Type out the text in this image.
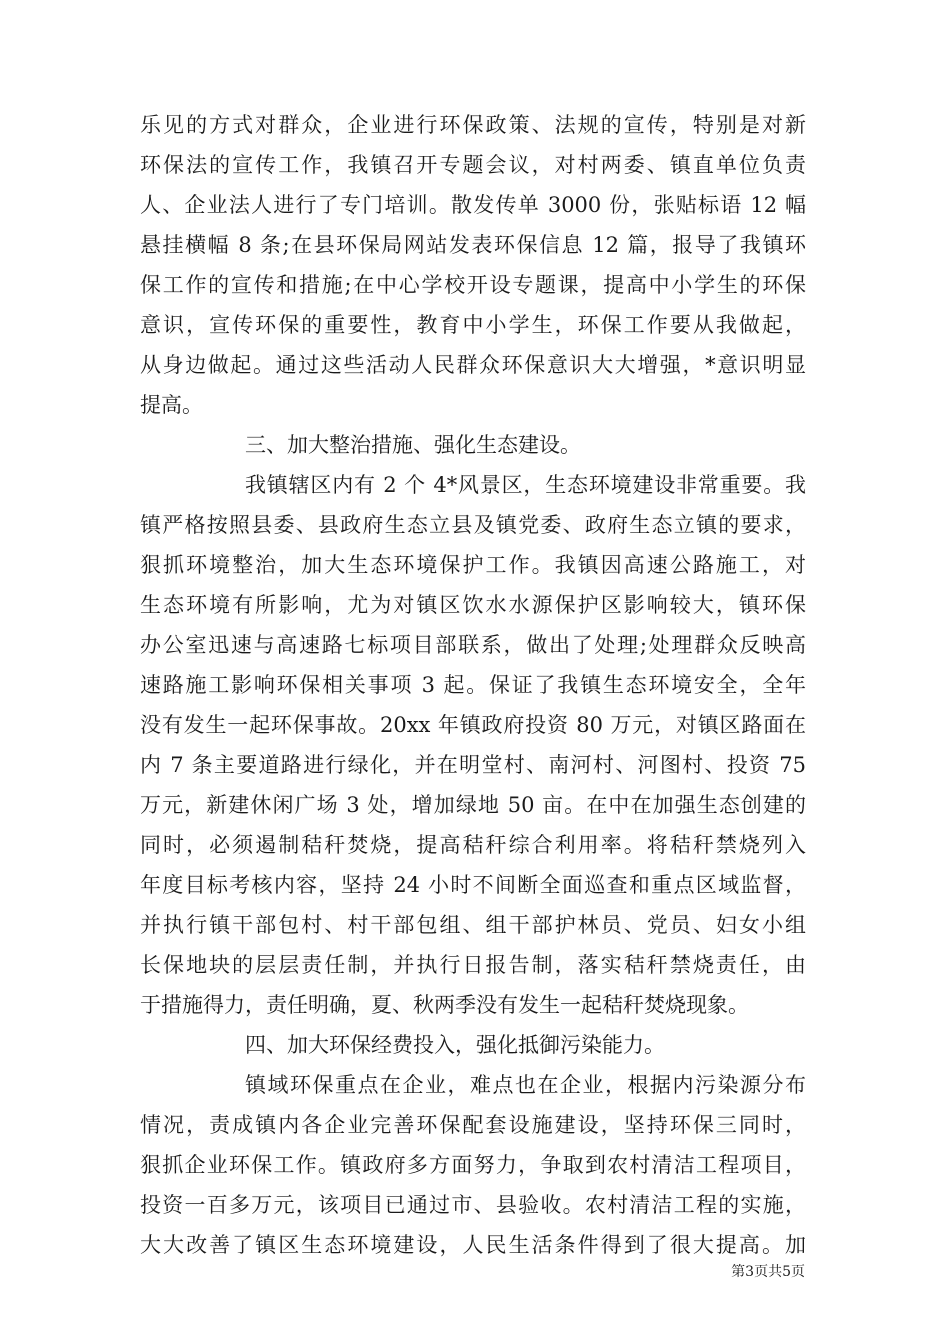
乐见的方式对群众，企业进行环保政策、法规的宣传，特别是对新
环保法的宣传工作，我镇召开专题会议，对村两委、镇直单位负责
人、企业法人进行了专门培训。散发传单 3000 份，张贴标语 12 幅
悬挂横幅 8 条;在县环保局网站发表环保信息 12 篇，报导了我镇环
保工作的宣传和措施;在中心学校开设专题课，提高中小学生的环保
意识，宣传环保的重要性，教育中小学生，环保工作要从我做起，
从身边做起。通过这些活动人民群众环保意识大大增强，*意识明显
提高。
三、加大整治措施、强化生态建设。
我镇辖区内有 2 个 4*风景区，生态环境建设非常重要。我
镇严格按照县委、县政府生态立县及镇党委、政府生态立镇的要求，
狠抓环境整治，加大生态环境保护工作。我镇因高速公路施工，对
生态环境有所影响，尤为对镇区饮水水源保护区影响较大，镇环保
办公室迅速与高速路七标项目部联系，做出了处理;处理群众反映高
速路施工影响环保相关事项 3 起。保证了我镇生态环境安全，全年
没有发生一起环保事故。20xx 年镇政府投资 80 万元，对镇区路面在
内 7 条主要道路进行绿化，并在明堂村、南河村、河图村、投资 75
万元，新建休闲广场 3 处，增加绿地 50 亩。在中在加强生态创建的
同时，必须遏制秸秆焚烧，提高秸秆综合利用率。将秸秆禁烧列入
年度目标考核内容，坚持 24 小时不间断全面巡查和重点区域监督，
并执行镇干部包村、村干部包组、组干部护林员、党员、妇女小组
长保地块的层层责任制，并执行日报告制，落实秸秆禁烧责任，由
于措施得力，责任明确，夏、秋两季没有发生一起秸秆焚烧现象。
四、加大环保经费投入，强化抵御污染能力。
镇域环保重点在企业，难点也在企业，根据内污染源分布
情况，责成镇内各企业完善环保配套设施建设，坚持环保三同时，
狠抓企业环保工作。镇政府多方面努力，争取到农村清洁工程项目，
投资一百多万元，该项目已通过市、县验收。农村清洁工程的实施，
大大改善了镇区生态环境建设，人民生活条件得到了很大提高。加
第3页共5页
